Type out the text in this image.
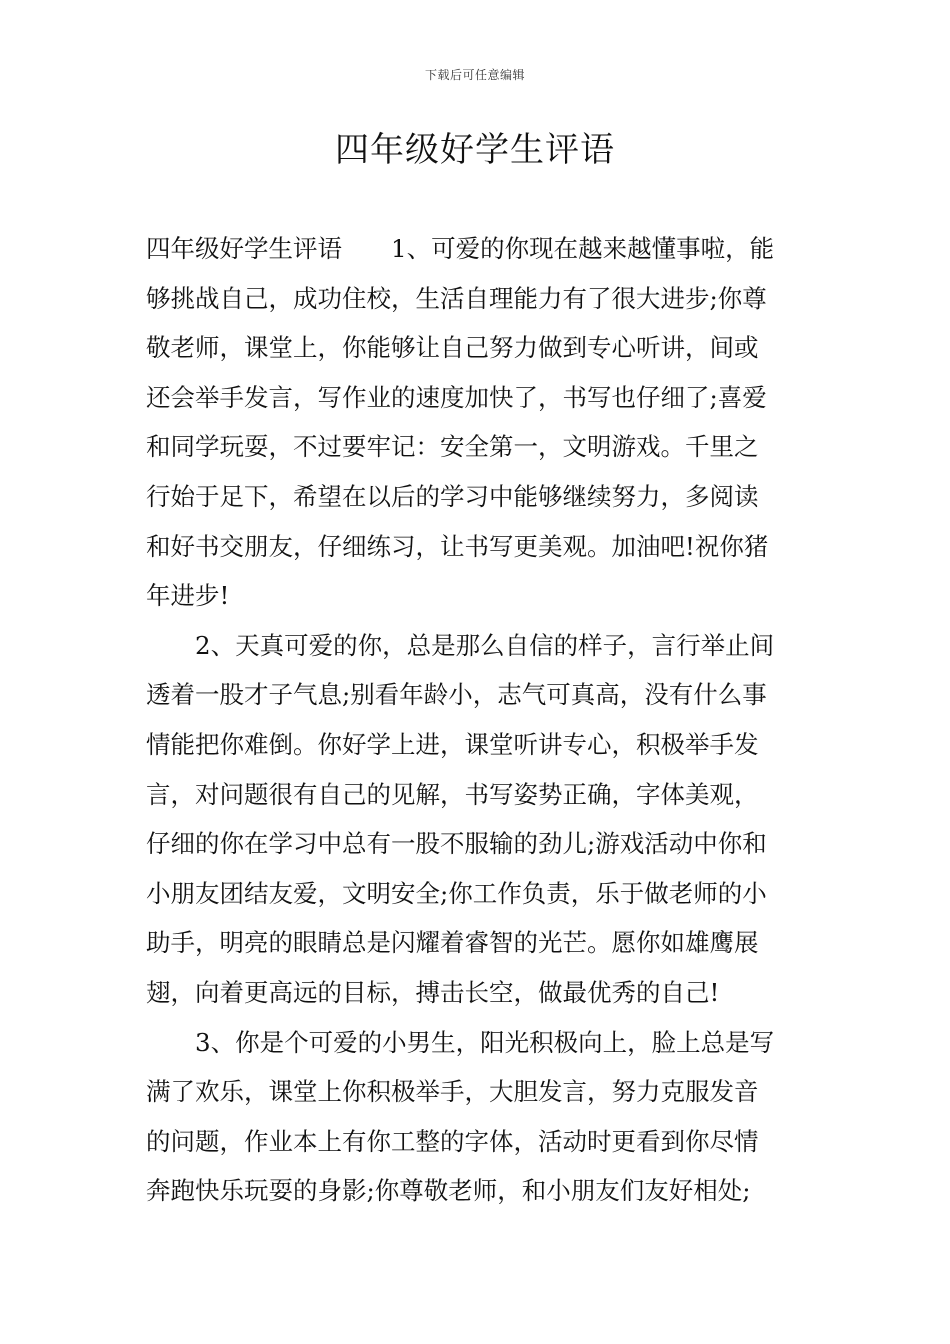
下载后可任意编辑
四年级好学生评语
四年级好学生评语　　1、可爱的你现在越来越懂事啦，能
够挑战自己，成功住校，生活自理能力有了很大进步;你尊
敬老师，课堂上，你能够让自己努力做到专心听讲，间或
还会举手发言，写作业的速度加快了，书写也仔细了;喜爱
和同学玩耍，不过要牢记：安全第一，文明游戏。千里之
行始于足下，希望在以后的学习中能够继续努力，多阅读
和好书交朋友，仔细练习，让书写更美观。加油吧!祝你猪
年进步!
2、天真可爱的你，总是那么自信的样子，言行举止间
透着一股才子气息;别看年龄小，志气可真高，没有什么事
情能把你难倒。你好学上进，课堂听讲专心，积极举手发
言，对问题很有自己的见解，书写姿势正确，字体美观，
仔细的你在学习中总有一股不服输的劲儿;游戏活动中你和
小朋友团结友爱，文明安全;你工作负责，乐于做老师的小
助手，明亮的眼睛总是闪耀着睿智的光芒。愿你如雄鹰展
翅，向着更高远的目标，搏击长空，做最优秀的自己!
3、你是个可爱的小男生，阳光积极向上，脸上总是写
满了欢乐，课堂上你积极举手，大胆发言，努力克服发音
的问题，作业本上有你工整的字体，活动时更看到你尽情
奔跑快乐玩耍的身影;你尊敬老师，和小朋友们友好相处;
